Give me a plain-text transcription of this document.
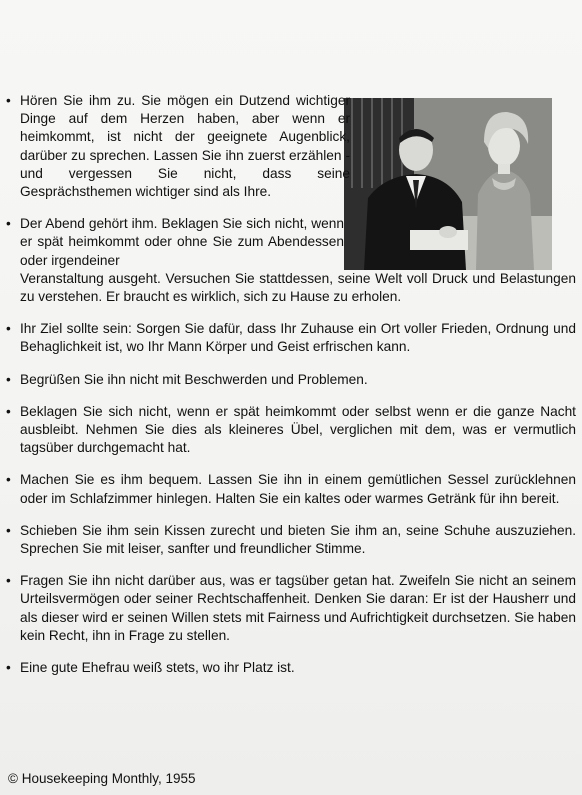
• Hören Sie ihm zu. Sie mögen ein Dutzend wichtiger Dinge auf dem Herzen haben, aber wenn er heimkommt, ist nicht der geeignete Augenblick, darüber zu sprechen. Lassen Sie ihn zuerst erzählen - und vergessen Sie nicht, dass seine Gesprächsthemen wichtiger sind als Ihre.
• Der Abend gehört ihm. Beklagen Sie sich nicht, wenn er spät heimkommt oder ohne Sie zum Abendessen oder irgendeiner
Veranstaltung ausgeht. Versuchen Sie stattdessen, seine Welt voll Druck und Belastungen zu verstehen. Er braucht es wirklich, sich zu Hause zu erholen.
• Ihr Ziel sollte sein: Sorgen Sie dafür, dass Ihr Zuhause ein Ort voller Frieden, Ordnung und Behaglichkeit ist, wo Ihr Mann Körper und Geist erfrischen kann.
• Begrüßen Sie ihn nicht mit Beschwerden und Problemen.
• Beklagen Sie sich nicht, wenn er spät heimkommt oder selbst wenn er die ganze Nacht ausbleibt. Nehmen Sie dies als kleineres Übel, verglichen mit dem, was er vermutlich tagsüber durchgemacht hat.
• Machen Sie es ihm bequem. Lassen Sie ihn in einem gemütlichen Sessel zurücklehnen oder im Schlafzimmer hinlegen. Halten Sie ein kaltes oder warmes Getränk für ihn bereit.
• Schieben Sie ihm sein Kissen zurecht und bieten Sie ihm an, seine Schuhe auszuziehen. Sprechen Sie mit leiser, sanfter und freundlicher Stimme.
• Fragen Sie ihn nicht darüber aus, was er tagsüber getan hat. Zweifeln Sie nicht an seinem Urteilsvermögen oder seiner Rechtschaffenheit. Denken Sie daran: Er ist der Hausherr und als dieser wird er seinen Willen stets mit Fairness und Aufrichtigkeit durchsetzen. Sie haben kein Recht, ihn in Frage zu stellen.
• Eine gute Ehefrau weiß stets, wo ihr Platz ist.
© Housekeeping Monthly, 1955
